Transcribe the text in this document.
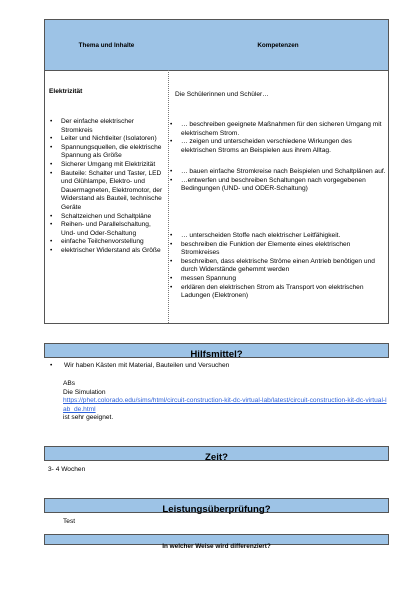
Thema und Inhalte	Kompetenzen
Elektrizität
• Der einfache elektrischer Stromkreis
• Leiter und Nichtleiter (Isolatoren)
• Spannungsquellen, die elektrische Spannung als Größe
• Sicherer Umgang mit Elektrizität
• Bauteile: Schalter und Taster, LED und Glühlampe, Elektro- und Dauermagneten, Elektromotor, der Widerstand als Bauteil, technische Geräte
• Schaltzeichen und Schaltpläne
• Reihen- und Parallelschaltung, Und- und Oder-Schaltung
• einfache Teilchenvorstellung
• elektrischer Widerstand als Größe
Die Schülerinnen und Schüler…
• … beschreiben geeignete Maßnahmen für den sicheren Umgang mit elektrischem Strom.
• … zeigen und unterscheiden verschiedene Wirkungen des elektrischen Stroms an Beispielen aus ihrem Alltag.
• … bauen einfache Stromkreise nach Beispielen und Schaltplänen auf.
• …entwerfen und beschreiben Schaltungen nach vorgegebenen Bedingungen (UND- und ODER-Schaltung)
• … unterscheiden Stoffe nach elektrischer Leitfähigkeit.
• beschreiben die Funktion der Elemente eines elektrischen Stromkreises
• beschreiben, dass elektrische Ströme einen Antrieb benötigen und durch Widerstände gehemmt werden
• messen Spannung
• erklären den elektrischen Strom als Transport von elektrischen Ladungen (Elektronen)
Hilfsmittel?
• Wir haben Kästen mit Material, Bauteilen und Versuchen
ABs
Die Simulation
https://phet.colorado.edu/sims/html/circuit-construction-kit-dc-virtual-lab/latest/circuit-construction-kit-dc-virtual-lab_de.html
ist sehr geeignet.
Zeit?
3- 4 Wochen
Leistungsüberprüfung?
Test
In welcher Weise wird differenziert?
